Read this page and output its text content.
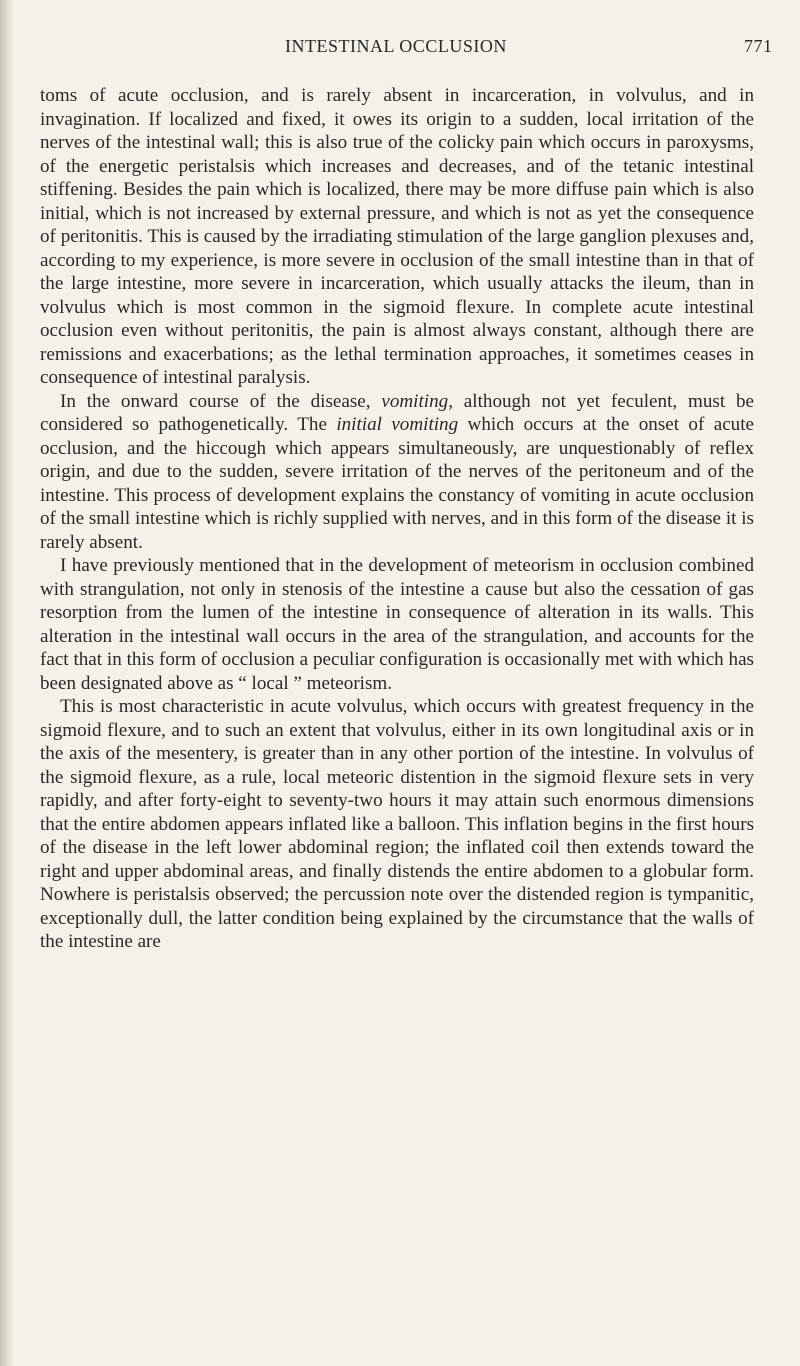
INTESTINAL OCCLUSION	771

toms of acute occlusion, and is rarely absent in incarceration, in volvulus, and in invagination. If localized and fixed, it owes its origin to a sudden, local irritation of the nerves of the intestinal wall; this is also true of the colicky pain which occurs in paroxysms, of the energetic peristalsis which increases and decreases, and of the tetanic intestinal stiffening. Besides the pain which is localized, there may be more diffuse pain which is also initial, which is not increased by external pressure, and which is not as yet the consequence of peritonitis. This is caused by the irradiating stimulation of the large ganglion plexuses and, according to my experience, is more severe in occlusion of the small intestine than in that of the large intestine, more severe in incarceration, which usually attacks the ileum, than in volvulus which is most common in the sigmoid flexure. In complete acute intestinal occlusion even without peritonitis, the pain is almost always constant, although there are remissions and exacerbations; as the lethal termination approaches, it sometimes ceases in consequence of intestinal paralysis.

In the onward course of the disease, vomiting, although not yet feculent, must be considered so pathogenetically. The initial vomiting which occurs at the onset of acute occlusion, and the hiccough which appears simultaneously, are unquestionably of reflex origin, and due to the sudden, severe irritation of the nerves of the peritoneum and of the intestine. This process of development explains the constancy of vomiting in acute occlusion of the small intestine which is richly supplied with nerves, and in this form of the disease it is rarely absent.

I have previously mentioned that in the development of meteorism in occlusion combined with strangulation, not only in stenosis of the intestine a cause but also the cessation of gas resorption from the lumen of the intestine in consequence of alteration in its walls. This alteration in the intestinal wall occurs in the area of the strangulation, and accounts for the fact that in this form of occlusion a peculiar configuration is occasionally met with which has been designated above as “ local ” meteorism.

This is most characteristic in acute volvulus, which occurs with greatest frequency in the sigmoid flexure, and to such an extent that volvulus, either in its own longitudinal axis or in the axis of the mesentery, is greater than in any other portion of the intestine. In volvulus of the sigmoid flexure, as a rule, local meteoric distention in the sigmoid flexure sets in very rapidly, and after forty-eight to seventy-two hours it may attain such enormous dimensions that the entire abdomen appears inflated like a balloon. This inflation begins in the first hours of the disease in the left lower abdominal region; the inflated coil then extends toward the right and upper abdominal areas, and finally distends the entire abdomen to a globular form. Nowhere is peristalsis observed; the percussion note over the distended region is tympanitic, exceptionally dull, the latter condition being explained by the circumstance that the walls of the intestine are
